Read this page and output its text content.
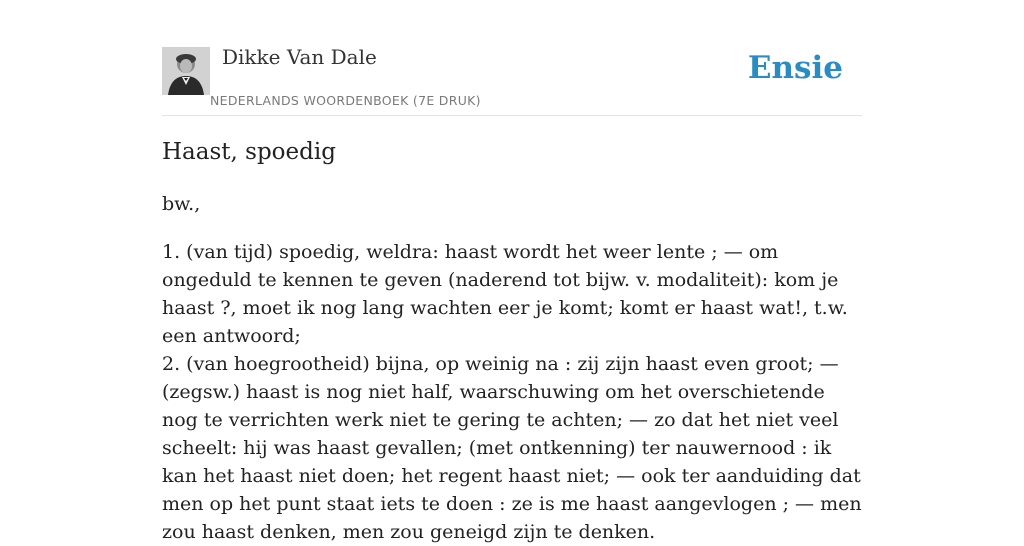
Dikke Van Dale
NEDERLANDS WOORDENBOEK (7E DRUK)
Ensie
Haast, spoedig
bw.,
1. (van tijd) spoedig, weldra: haast wordt het weer lente ; — om ongeduld te kennen te geven (naderend tot bijw. v. modaliteit): kom je haast ?, moet ik nog lang wachten eer je komt; komt er haast wat!, t.w. een antwoord;
2. (van hoegrootheid) bijna, op weinig na : zij zijn haast even groot; — (zegsw.) haast is nog niet half, waarschuwing om het overschietende nog te verrichten werk niet te gering te achten; — zo dat het niet veel scheelt: hij was haast gevallen; (met ontkenning) ter nauwernood : ik kan het haast niet doen; het regent haast niet; — ook ter aanduiding dat men op het punt staat iets te doen : ze is me haast aangevlogen ; — men zou haast denken, men zou geneigd zijn te denken.
